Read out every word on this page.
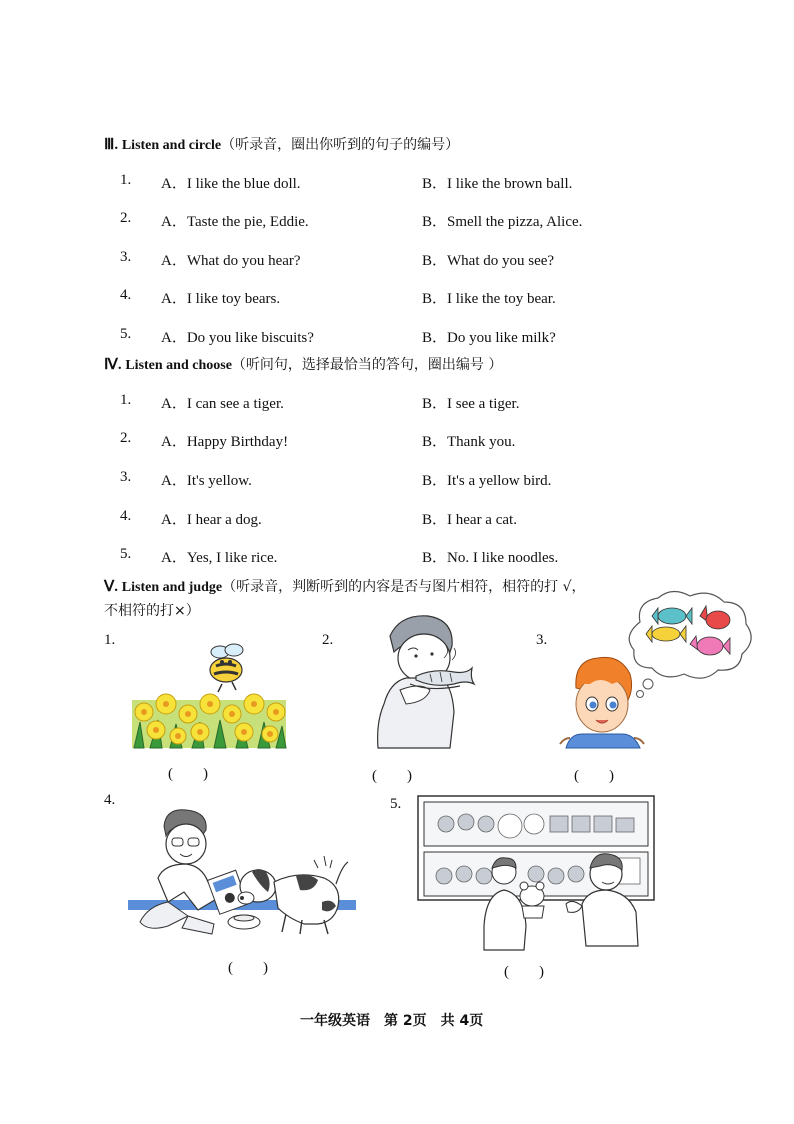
Ⅲ. Listen and circle（听录音，圈出你听到的句子的编号）
1. A．I like the blue doll.	B．I like the brown ball.
2. A．Taste the pie, Eddie.	B．Smell the pizza, Alice.
3. A．What do you hear?	B．What do you see?
4. A．I like toy bears.	B．I like the toy bear.
5. A．Do you like biscuits?	B．Do you like milk?
Ⅳ. Listen and choose（听问句，选择最恰当的答句，圈出编号 ）
1. A．I can see a tiger.	B．I see a tiger.
2. A．Happy Birthday!	B．Thank you.
3. A．It's yellow.	B．It's a yellow bird.
4. A．I hear a dog.	B．I hear a cat.
5. A．Yes, I like rice.	B．No. I like noodles.
Ⅴ. Listen and judge（听录音，判断听到的内容是否与图片相符，相符的打 √，
不相符的打×）
1.	2.	3.
4.	5.
(　　)	(　　)	(　　)
(　　)	(　　)
一年级英语　第 2页　共 4页
